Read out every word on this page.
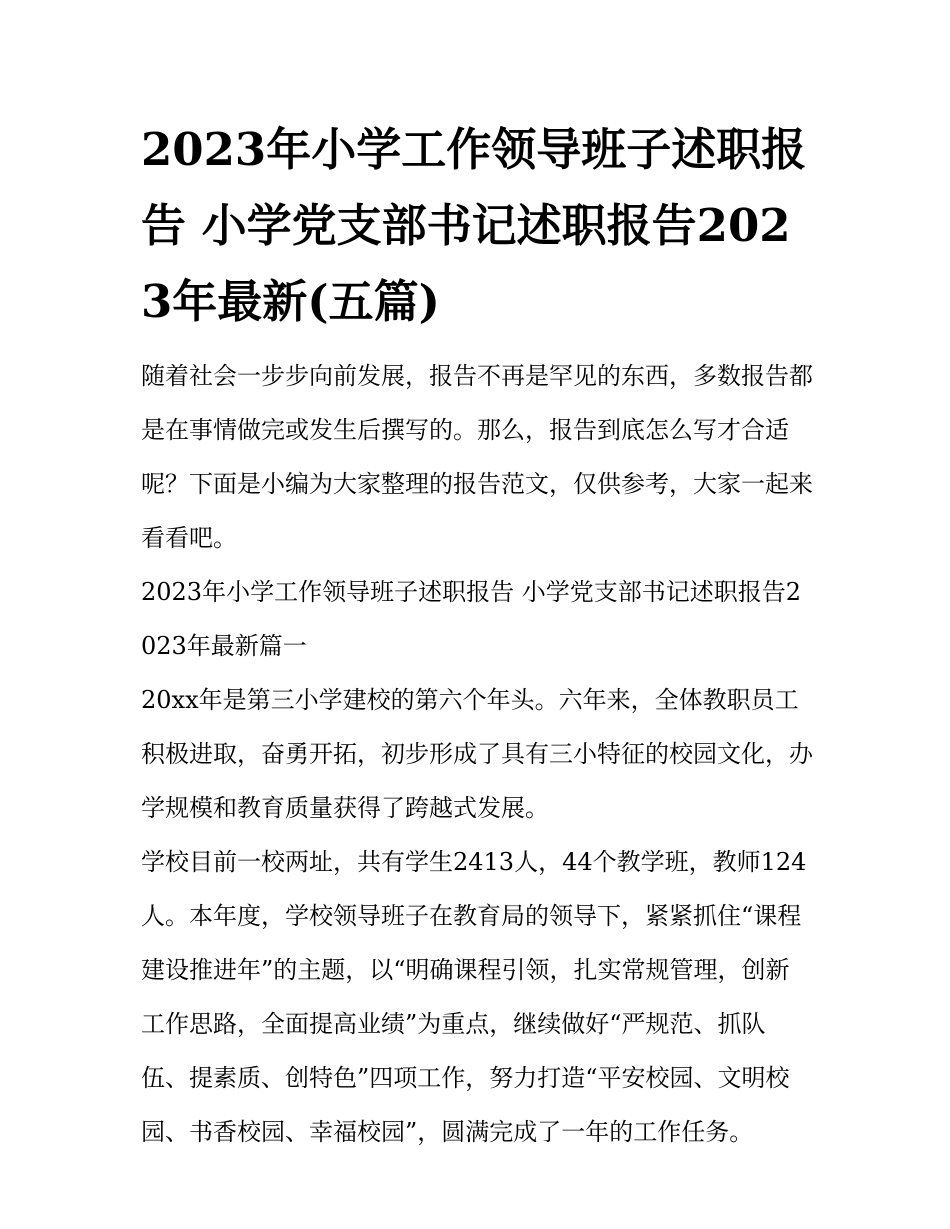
2023年小学工作领导班子述职报告 小学党支部书记述职报告2023年最新(五篇)

随着社会一步步向前发展，报告不再是罕见的东西，多数报告都是在事情做完或发生后撰写的。那么，报告到底怎么写才合适呢？下面是小编为大家整理的报告范文，仅供参考，大家一起来看看吧。

2023年小学工作领导班子述职报告 小学党支部书记述职报告2023年最新篇一

20xx年是第三小学建校的第六个年头。六年来，全体教职员工积极进取，奋勇开拓，初步形成了具有三小特征的校园文化，办学规模和教育质量获得了跨越式发展。

学校目前一校两址，共有学生2413人，44个教学班，教师124人。本年度，学校领导班子在教育局的领导下，紧紧抓住“课程建设推进年”的主题，以“明确课程引领，扎实常规管理，创新工作思路，全面提高业绩”为重点，继续做好“严规范、抓队伍、提素质、创特色”四项工作，努力打造“平安校园、文明校园、书香校园、幸福校园”，圆满完成了一年的工作任务。
